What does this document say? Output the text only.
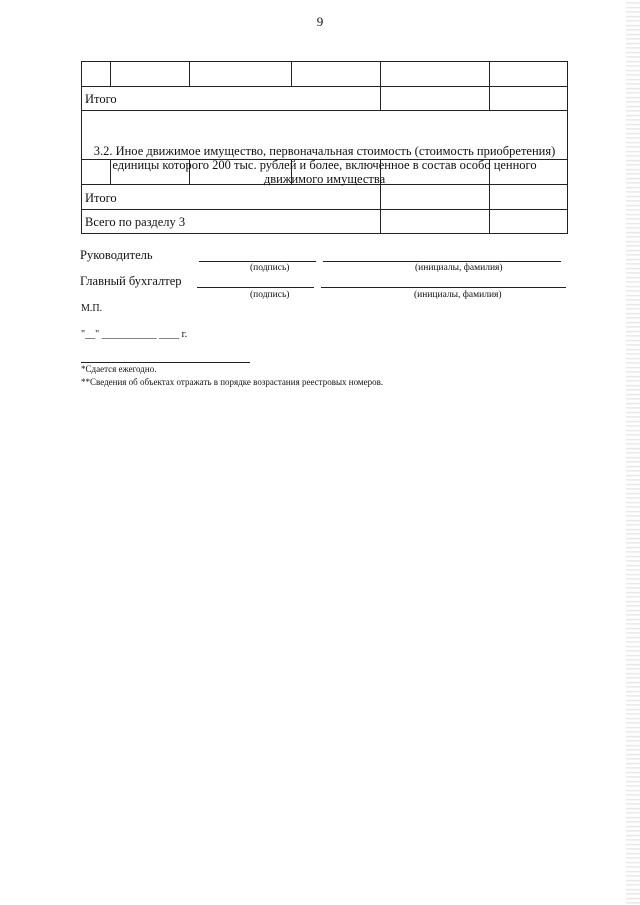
9
Итого
3.2. Иное движимое имущество, первоначальная стоимость (стоимость приобретения)
единицы которого 200 тыс. рублей и более, включенное в состав особо ценного
движимого имущества
Итого
Всего по разделу 3
Руководитель
(подпись)	(инициалы, фамилия)
Главный бухгалтер
(подпись)	(инициалы, фамилия)
М.П.
"__" ___________ ____ г.
*Сдается ежегодно.
**Сведения об объектах отражать в порядке возрастания реестровых номеров.
